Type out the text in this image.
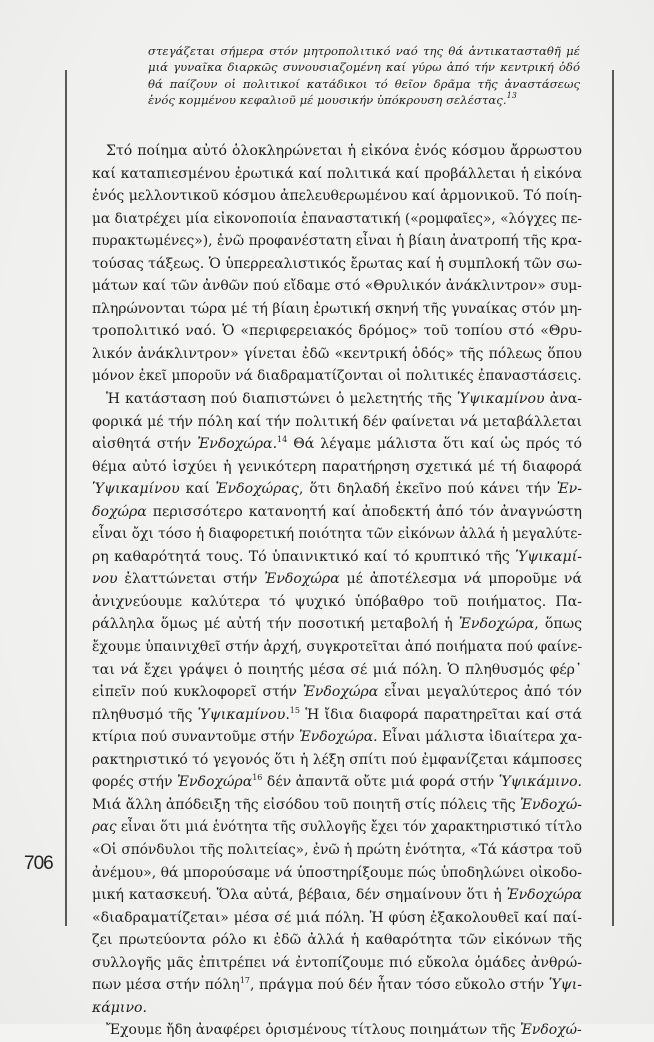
706
στεγάζεται σήμερα στόν μητροπολιτικό ναό της θά ἀντικατασταθῆ μέ
μιά γυναῖκα διαρκῶς συνουσιαζομένη καί γύρω ἀπό τήν κεντρική ὁδό
θά παίζουν οἱ πολιτικοί κατάδικοι τό θεῖον δρᾶμα τῆς ἀναστάσεως
ἑνός κομμένου κεφαλιοῦ μέ μουσικήν ὑπόκρουση σελέστας.$^{13}$
Στό ποίημα αὐτό ὁλοκληρώνεται ἡ εἰκόνα ἑνός κόσμου ἄρρωστου
καί καταπιεσμένου ἐρωτικά καί πολιτικά καί προβάλλεται ἡ εἰκόνα
ἑνός μελλοντικοῦ κόσμου ἀπελευθερωμένου καί ἁρμονικοῦ. Τό ποίη-
μα διατρέχει μία εἰκονοποιία ἐπαναστατική («ρομφαῖες», «λόγχες πε-
πυρακτωμένες»), ἐνῶ προφανέστατη εἶναι ἡ βίαιη ἀνατροπή τῆς κρα-
τούσας τάξεως. Ὁ ὑπερρεαλιστικός ἔρωτας καί ἡ συμπλοκή τῶν σω-
μάτων καί τῶν ἀνθῶν πού εἴδαμε στό «Θρυλικόν ἀνάκλιντρον» συμ-
πληρώνονται τώρα μέ τή βίαιη ἐρωτική σκηνή τῆς γυναίκας στόν μη-
τροπολιτικό ναό. Ὁ «περιφερειακός δρόμος» τοῦ τοπίου στό «Θρυ-
λικόν ἀνάκλιντρον» γίνεται ἐδῶ «κεντρική ὁδός» τῆς πόλεως ὅπου
μόνον ἐκεῖ μποροῦν νά διαδραματίζονται οἱ πολιτικές ἐπαναστάσεις.
Ἡ κατάσταση πού διαπιστώνει ὁ μελετητής τῆς Ὑψικαμίνου ἀνα-
φορικά μέ τήν πόλη καί τήν πολιτική δέν φαίνεται νά μεταβάλλεται
αἰσθητά στήν Ἐνδοχώρα.$^{14}$ Θά λέγαμε μάλιστα ὅτι καί ὡς πρός τό
θέμα αὐτό ἰσχύει ἡ γενικότερη παρατήρηση σχετικά μέ τή διαφορά
Ὑψικαμίνου καί Ἐνδοχώρας, ὅτι δηλαδή ἐκεῖνο πού κάνει τήν Ἐν-
δοχώρα περισσότερο κατανοητή καί ἀποδεκτή ἀπό τόν ἀναγνώστη
εἶναι ὄχι τόσο ἡ διαφορετική ποιότητα τῶν εἰκόνων ἀλλά ἡ μεγαλύτε-
ρη καθαρότητά τους. Τό ὑπαινικτικό καί τό κρυπτικό τῆς Ὑψικαμί-
νου ἐλαττώνεται στήν Ἐνδοχώρα μέ ἀποτέλεσμα νά μποροῦμε νά
ἀνιχνεύουμε καλύτερα τό ψυχικό ὑπόβαθρο τοῦ ποιήματος. Πα-
ράλληλα ὅμως μέ αὐτή τήν ποσοτική μεταβολή ἡ Ἐνδοχώρα, ὅπως
ἔχουμε ὑπαινιχθεῖ στήν ἀρχή, συγκροτεῖται ἀπό ποιήματα πού φαίνε-
ται νά ἔχει γράψει ὁ ποιητής μέσα σέ μιά πόλη. Ὁ πληθυσμός φέρ᾽
εἰπεῖν πού κυκλοφορεῖ στήν Ἐνδοχώρα εἶναι μεγαλύτερος ἀπό τόν
πληθυσμό τῆς Ὑψικαμίνου.$^{15}$ Ἡ ἴδια διαφορά παρατηρεῖται καί στά
κτίρια πού συναντοῦμε στήν Ἐνδοχώρα. Εἶναι μάλιστα ἰδιαίτερα χα-
ρακτηριστικό τό γεγονός ὅτι ἡ λέξη σπίτι πού ἐμφανίζεται κάμποσες
φορές στήν Ἐνδοχώρα$^{16}$ δέν ἀπαντᾶ οὔτε μιά φορά στήν Ὑψικάμινο.
Μιά ἄλλη ἀπόδειξη τῆς εἰσόδου τοῦ ποιητῆ στίς πόλεις τῆς Ἐνδοχώ-
ρας εἶναι ὅτι μιά ἑνότητα τῆς συλλογῆς ἔχει τόν χαρακτηριστικό τίτλο
«Οἱ σπόνδυλοι τῆς πολιτείας», ἐνῶ ἡ πρώτη ἑνότητα, «Τά κάστρα τοῦ
ἀνέμου», θά μπορούσαμε νά ὑποστηρίξουμε πώς ὑποδηλώνει οἰκοδο-
μική κατασκευή. Ὅλα αὐτά, βέβαια, δέν σημαίνουν ὅτι ἡ Ἐνδοχώρα
«διαδραματίζεται» μέσα σέ μιά πόλη. Ἡ φύση ἐξακολουθεῖ καί παί-
ζει πρωτεύοντα ρόλο κι ἐδῶ ἀλλά ἡ καθαρότητα τῶν εἰκόνων τῆς
συλλογῆς μᾶς ἐπιτρέπει νά ἐντοπίζουμε πιό εὔκολα ὁμάδες ἀνθρώ-
πων μέσα στήν πόλη$^{17}$, πράγμα πού δέν ἦταν τόσο εὔκολο στήν Ὑψι-
κάμινο.
Ἔχουμε ἤδη ἀναφέρει ὁρισμένους τίτλους ποιημάτων τῆς Ἐνδοχώ-
